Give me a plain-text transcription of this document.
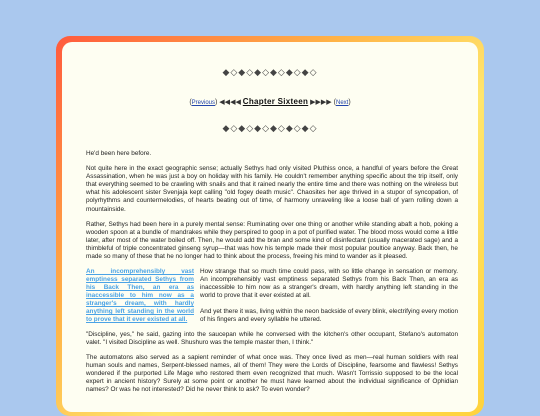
◆◇◆◇◆◇◆◇◆◇◆◇
(Previous) ◀◀◀◀ Chapter Sixteen ▶▶▶▶ (Next)
◆◇◆◇◆◇◆◇◆◇◆◇

He'd been here before.

Not quite here in the exact geographic sense; actually Sethys had only visited Pluthiss once, a handful of years before the Great Assassination, when he was just a boy on holiday with his family. He couldn't remember anything specific about the trip itself, only that everything seemed to be crawling with snails and that it rained nearly the entire time and there was nothing on the wireless but what his adolescent sister Svenjaja kept calling "old fogey death music". Chaosites her age thrived in a stupor of syncopation, of polyrhythms and countermelodies, of hearts beating out of time, of harmony unraveling like a loose ball of yarn rolling down a mountainside.

Rather, Sethys had been here in a purely mental sense: Ruminating over one thing or another while standing abaft a hob, poking a wooden spoon at a bundle of mandrakes while they perspired to goop in a pot of purified water. The blood moss would come a little later, after most of the water boiled off. Then, he would add the bran and some kind of disinfectant (usually macerated sage) and a thimbleful of triple concentrated ginseng syrup—that was how his temple made their most popular poultice anyway. Back then, he made so many of these that he no longer had to think about the process, freeing his mind to wander as it pleased.

An incomprehensibly vast emptiness separated Sethys from his Back Then, an era as inaccessible to him now as a stranger's dream, with hardly anything left standing in the world to prove that it ever existed at all.

How strange that so much time could pass, with so little change in sensation or memory. An incomprehensibly vast emptiness separated Sethys from his Back Then, an era as inaccessible to him now as a stranger's dream, with hardly anything left standing in the world to prove that it ever existed at all.

And yet there it was, living within the neon backside of every blink, electrifying every motion of his fingers and every syllable he uttered.

"Discipline, yes," he said, gazing into the saucepan while he conversed with the kitchen's other occupant, Stefano's automaton valet. "I visited Discipline as well. Shushuro was the temple master then, I think."

The automatons also served as a sapient reminder of what once was. They once lived as men—real human soldiers with real human souls and names, Serpent-blessed names, all of them! They were the Lords of Discipline, fearsome and flawless! Sethys wondered if the purported Life Mage who restored them even recognized that much. Wasn't Torrissio supposed to be the local expert in ancient history? Surely at some point or another he must have learned about the individual significance of Ophidian names? Or was he not interested? Did he never think to ask? To even wonder?
